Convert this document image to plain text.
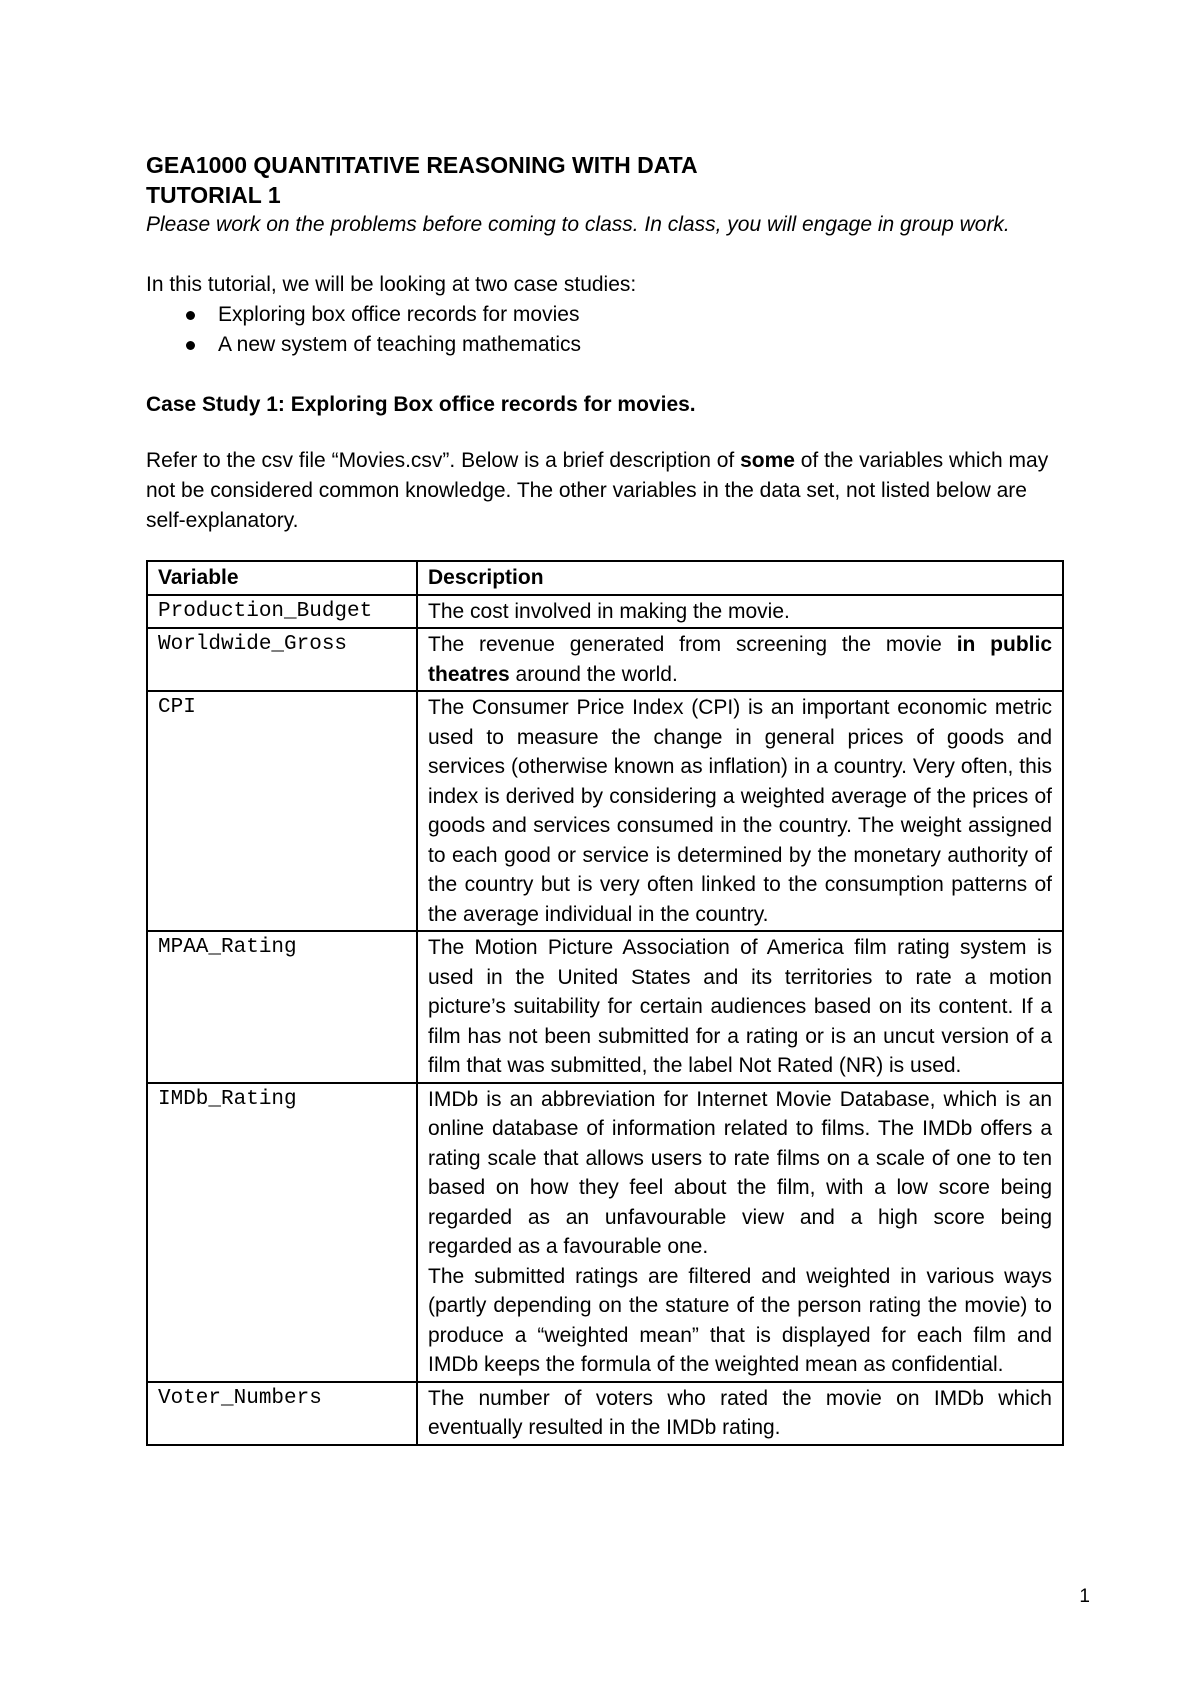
GEA1000 QUANTITATIVE REASONING WITH DATA

TUTORIAL 1

Please work on the problems before coming to class. In class, you will engage in group work.

In this tutorial, we will be looking at two case studies:

Exploring box office records for movies
A new system of teaching mathematics

Case Study 1: Exploring Box office records for movies.

Refer to the csv file “Movies.csv”. Below is a brief description of some of the variables which may not be considered common knowledge. The other variables in the data set, not listed below are self-explanatory.

Variable	Description
Production_Budget	The cost involved in making the movie.
Worldwide_Gross	The revenue generated from screening the movie in public theatres around the world.
CPI	The Consumer Price Index (CPI) is an important economic metric used to measure the change in general prices of goods and services (otherwise known as inflation) in a country. Very often, this index is derived by considering a weighted average of the prices of goods and services consumed in the country. The weight assigned to each good or service is determined by the monetary authority of the country but is very often linked to the consumption patterns of the average individual in the country.
MPAA_Rating	The Motion Picture Association of America film rating system is used in the United States and its territories to rate a motion picture’s suitability for certain audiences based on its content. If a film has not been submitted for a rating or is an uncut version of a film that was submitted, the label Not Rated (NR) is used.
IMDb_Rating	IMDb is an abbreviation for Internet Movie Database, which is an online database of information related to films. The IMDb offers a rating scale that allows users to rate films on a scale of one to ten based on how they feel about the film, with a low score being regarded as an unfavourable view and a high score being regarded as a favourable one.
The submitted ratings are filtered and weighted in various ways (partly depending on the stature of the person rating the movie) to produce a “weighted mean” that is displayed for each film and IMDb keeps the formula of the weighted mean as confidential.

Voter_Numbers	The number of voters who rated the movie on IMDb which eventually resulted in the IMDb rating.
1
